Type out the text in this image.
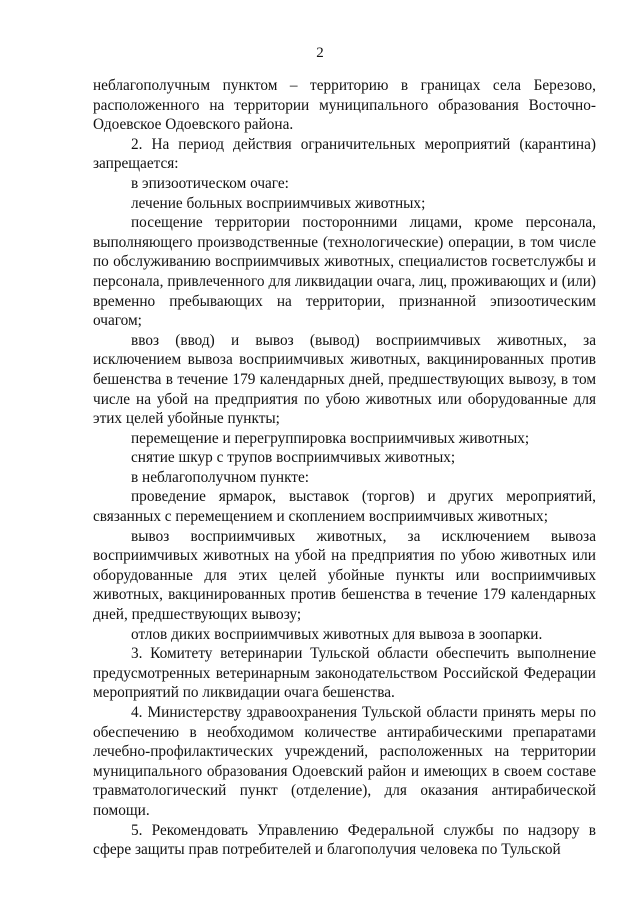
2

неблагополучным пунктом – территорию в границах села Березово, расположенного на территории муниципального образования Восточно-Одоевское Одоевского района.

2. На период действия ограничительных мероприятий (карантина) запрещается:

в эпизоотическом очаге:

лечение больных восприимчивых животных;

посещение территории посторонними лицами, кроме персонала, выполняющего производственные (технологические) операции, в том числе по обслуживанию восприимчивых животных, специалистов госветслужбы и персонала, привлеченного для ликвидации очага, лиц, проживающих и (или) временно пребывающих на территории, признанной эпизоотическим очагом;

ввоз (ввод) и вывоз (вывод) восприимчивых животных, за исключением вывоза восприимчивых животных, вакцинированных против бешенства в течение 179 календарных дней, предшествующих вывозу, в том числе на убой на предприятия по убою животных или оборудованные для этих целей убойные пункты;

перемещение и перегруппировка восприимчивых животных;

снятие шкур с трупов восприимчивых животных;

в неблагополучном пункте:

проведение ярмарок, выставок (торгов) и других мероприятий, связанных с перемещением и скоплением восприимчивых животных;

вывоз восприимчивых животных, за исключением вывоза восприимчивых животных на убой на предприятия по убою животных или оборудованные для этих целей убойные пункты или восприимчивых животных, вакцинированных против бешенства в течение 179 календарных дней, предшествующих вывозу;

отлов диких восприимчивых животных для вывоза в зоопарки.

3. Комитету ветеринарии Тульской области обеспечить выполнение предусмотренных ветеринарным законодательством Российской Федерации мероприятий по ликвидации очага бешенства.

4. Министерству здравоохранения Тульской области принять меры по обеспечению в необходимом количестве антирабическими препаратами лечебно-профилактических учреждений, расположенных на территории муниципального образования Одоевский район и имеющих в своем составе травматологический пункт (отделение), для оказания антирабической помощи.

5. Рекомендовать Управлению Федеральной службы по надзору в сфере защиты прав потребителей и благополучия человека по Тульской
